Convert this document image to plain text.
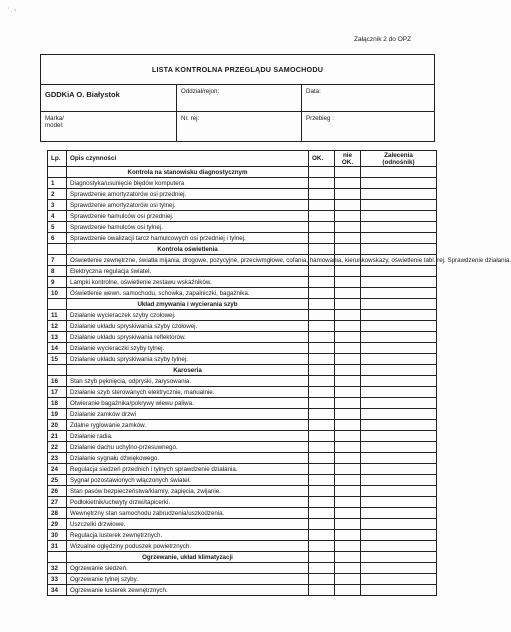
' , ‹
Załącznik 2 do OPZ
LISTA KONTROLNA PRZEGLĄDU SAMOCHODU
GDDKiA O. Białystok	Oddział/rejon:	Data:
Marka/
model:
Nr. rej:	Przebieg :
Lp.	Opis czynności	OK.	nie OK.	Zalecenia
(odnośnik)
	Kontrola na stanowisku diagnostycznym			
1	Diagnostyka/usunięcie błędów komputera			
2	Sprawdzenie amortyzatorów osi przedniej.			
3	Sprawdzenie amortyzatorów osi tylnej.			
4	Sprawdzenie hamulców osi przedniej.			
5	Sprawdzenie hamulców osi tylnej.			
6	Sprawdzenie owalizacji tarcz hamulcowych osi przedniej i tylnej.			
	Kontrola oświetlenia			
7	Oświetlenie zewnętrzne, światła mijania, drogowe, pozycyjne, przeciwmgłowe, cofania, hamowania, kierunkowskazy, oświetlenie tabl. rej. Sprawdzenie działania.			
8	Elektryczna regulacja świateł.			
9	Lampki kontrolne, oświetlenie zestawu wskaźników.			
10	Oświetlenie wewn. samochodu, schowka, zapalniczki, bagażnika.			
	Układ zmywania i wycierania szyb			
11	Działanie wycieraczek szyby czołowej.			
12	Działanie układu spryskiwania szyby czołowej.			
13	Działanie układu spryskiwania reflektorów.			
14	Działanie wycieraczki szyby tylnej.			
15	Działanie układu spryskiwania szyby tylnej.			
	Karoseria			
16	Stan szyb pęknięcia, odpryski, zarysowania.			
17	Działanie szyb sterowanych elektrycznie, manualnie.			
18	Otwieranie bagażnika/pokrywy wlewu paliwa.			
19	Działanie zamków drzwi			
20	Zdalne ryglowanie zamków.			
21	Działanie radia.			
22	Działanie dachu uchylno-przesuwnego.			
23	Działanie sygnału dźwiękowego.			
24	Regulacja siedzeń przednich i tylnych sprawdzenie działania.			
25	Sygnał pozostawionych włączonych świateł.			
26	Stan pasów bezpieczeństwa/klamry, zapięcia, zwijanie.			
27	Podłokietnik/uchwyty drzwi/tapicerki.			
28	Wewnętrzny stan samochodu zabrudzenia/uszkodzenia.			
29	Uszczelki drzwiowe.			
30	Regulacja lusterek zewnętrznych.			
31	Wizualne oględziny poduszek powietrznych.			
	Ogrzewanie, układ klimatyzacji			
32	Ogrzewanie siedzeń.			
33	Ogrzewanie tylnej szyby.			
34	Ogrzewanie lusterek zewnętrznych.			
